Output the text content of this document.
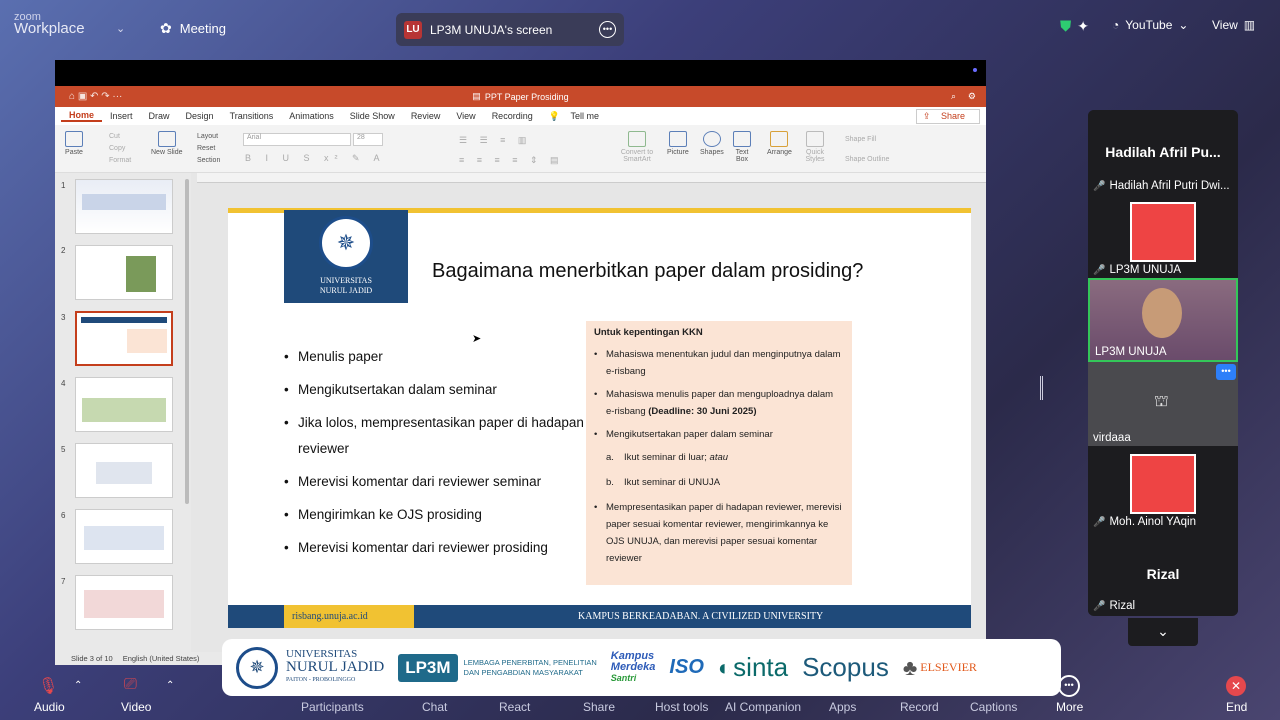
zoom
Workplace	⌄ ✿ Meeting	LU LP3M UNUJA's screen	•••	⛊ ✦ ◔ YouTube ⌄ View ▥
⌂ ▣ ↶ ↷ ···	▤ PPT Paper Prosiding	⌕ ⚙
Home	Insert	Draw	Design	Transitions	Animations	Slide Show	Review	View	Recording	💡 Tell me	⇪ Share
Paste
Cut
Copy
Format
New Slide
Layout
Reset
Section
Arial	28
B I U S x² ✎ A
☰ ☰ ≡ ▥
≡ ≡ ≡ ≡ ⇕ ▤
Convert to SmartArt
Picture Shapes	Text Box
Arrange	Quick Styles
Shape Fill
Shape Outline
1
2
3
4
5
6
7
Slide 3 of 10 English (United States)
✵
UNIVERSITAS
NURUL JADID
Bagaimana menerbitkan paper dalam prosiding?
• Menulis paper
• Mengikutsertakan dalam seminar
• Jika lolos, mempresentasikan paper di hadapan reviewer
• Merevisi komentar dari reviewer seminar
• Mengirimkan ke OJS prosiding
• Merevisi komentar dari reviewer prosiding
Untuk kepentingan KKN
• Mahasiswa menentukan judul dan menginputnya dalam e-risbang
• Mahasiswa menulis paper dan menguploadnya dalam e-risbang (Deadline: 30 Juni 2025)
• Mengikutsertakan paper dalam seminar
a. Ikut seminar di luar; atau
b. Ikut seminar di UNUJA
• Mempresentasikan paper di hadapan reviewer, merevisi paper sesuai komentar reviewer, mengirimkannya ke OJS UNUJA, dan merevisi paper sesuai komentar reviewer
risbang.unuja.ac.id	KAMPUS BERKEADABAN. A CIVILIZED UNIVERSITY
➤
Hadilah Afril Pu...
🎤 Hadilah Afril Putri Dwi...
🎤 LP3M UNUJA
LP3M UNUJA
•••
⛫
virdaaa
🎤 Moh. Ainol YAqin
Rizal
🎤 Rizal
⌄
✵
UNIVERSITAS
NURUL JADID
PAITON - PROBOLINGGO
LP3M	LEMBAGA PENERBITAN, PENELITIAN
DAN PENGABDIAN MASYARAKAT
Kampus
Merdeka
Santri	ISO ◐ sinta Scopus ♣ ELSEVIER
🎙 ⌃	⎚	⌃	•••	✕
Audio	Video	Participants	Chat	React	Share	Host tools AI Companion Apps	Record	Captions	More	End
